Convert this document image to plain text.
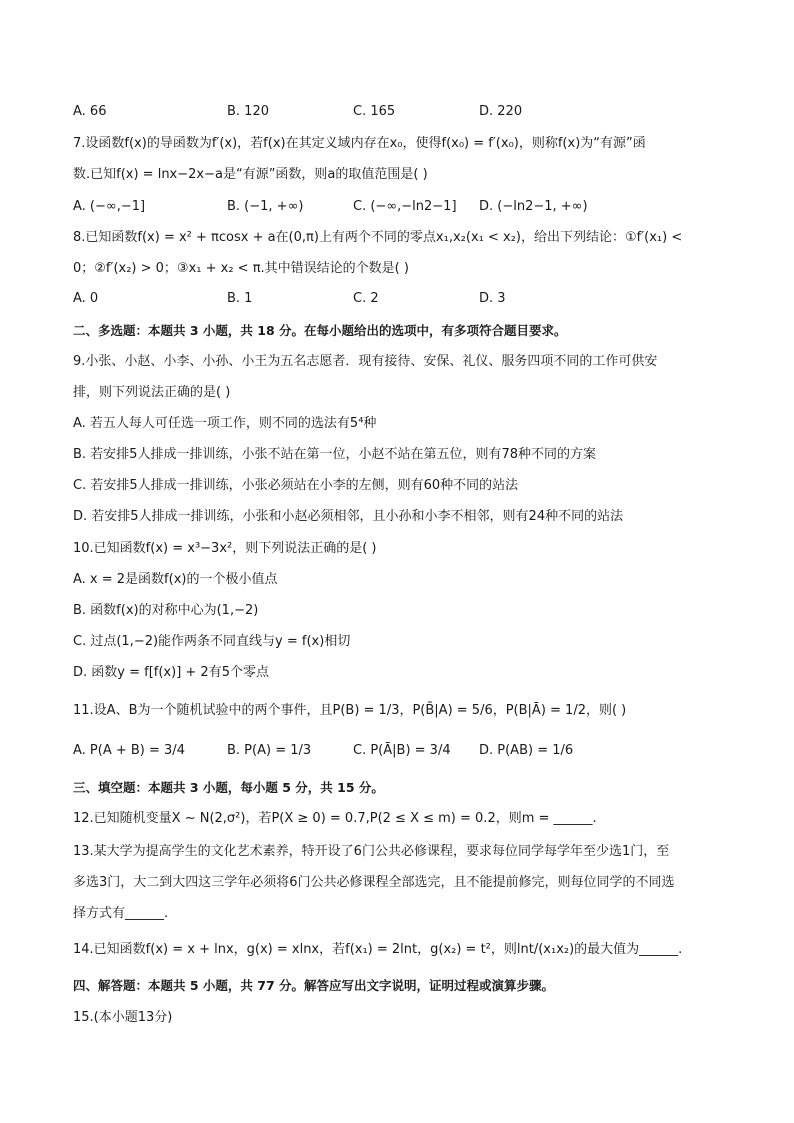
A. 66	B. 120	C. 165	D. 220
7.设函数f(x)的导函数为f′(x)，若f(x)在其定义域内存在x₀，使得f(x₀) = f′(x₀)，则称f(x)为“有源”函
数.已知f(x) = lnx−2x−a是“有源”函数，则a的取值范围是( )
A. (−∞,−1]	B. (−1, +∞)	C. (−∞,−ln2−1] D. (−ln2−1, +∞)
8.已知函数f(x) = x² + πcosx + a在(0,π)上有两个不同的零点x₁,x₂(x₁ < x₂)，给出下列结论：①f′(x₁) <
0；②f′(x₂) > 0；③x₁ + x₂ < π.其中错误结论的个数是( )
A. 0	B. 1	C. 2	D. 3
二、多选题：本题共 3 小题，共 18 分。在每小题给出的选项中，有多项符合题目要求。
9.小张、小赵、小李、小孙、小王为五名志愿者．现有接待、安保、礼仪、服务四项不同的工作可供安
排，则下列说法正确的是( )
A. 若五人每人可任选一项工作，则不同的选法有5⁴种
B. 若安排5人排成一排训练，小张不站在第一位，小赵不站在第五位，则有78种不同的方案
C. 若安排5人排成一排训练，小张必须站在小李的左侧，则有60种不同的站法
D. 若安排5人排成一排训练，小张和小赵必须相邻，且小孙和小李不相邻，则有24种不同的站法
10.已知函数f(x) = x³−3x²，则下列说法正确的是( )
A. x = 2是函数f(x)的一个极小值点
B. 函数f(x)的对称中心为(1,−2)
C. 过点(1,−2)能作两条不同直线与y = f(x)相切
D. 函数y = f[f(x)] + 2有5个零点
11.设A、B为一个随机试验中的两个事件，且P(B) = 1/3，P(B̄|A) = 5/6，P(B|Ā) = 1/2，则( )
A. P(A + B) = 3/4	B. P(A) = 1/3	C. P(Ā|B) = 3/4 D. P(AB) = 1/6
三、填空题：本题共 3 小题，每小题 5 分，共 15 分。
12.已知随机变量X ~ N(2,σ²)，若P(X ≥ 0) = 0.7,P(2 ≤ X ≤ m) = 0.2，则m = ______.
13.某大学为提高学生的文化艺术素养，特开设了6门公共必修课程，要求每位同学每学年至少选1门，至
多选3门，大二到大四这三学年必须将6门公共必修课程全部选完，且不能提前修完，则每位同学的不同选
择方式有______.
14.已知函数f(x) = x + lnx，g(x) = xlnx，若f(x₁) = 2lnt，g(x₂) = t²，则lnt/(x₁x₂)的最大值为______.
四、解答题：本题共 5 小题，共 77 分。解答应写出文字说明，证明过程或演算步骤。
15.(本小题13分)
